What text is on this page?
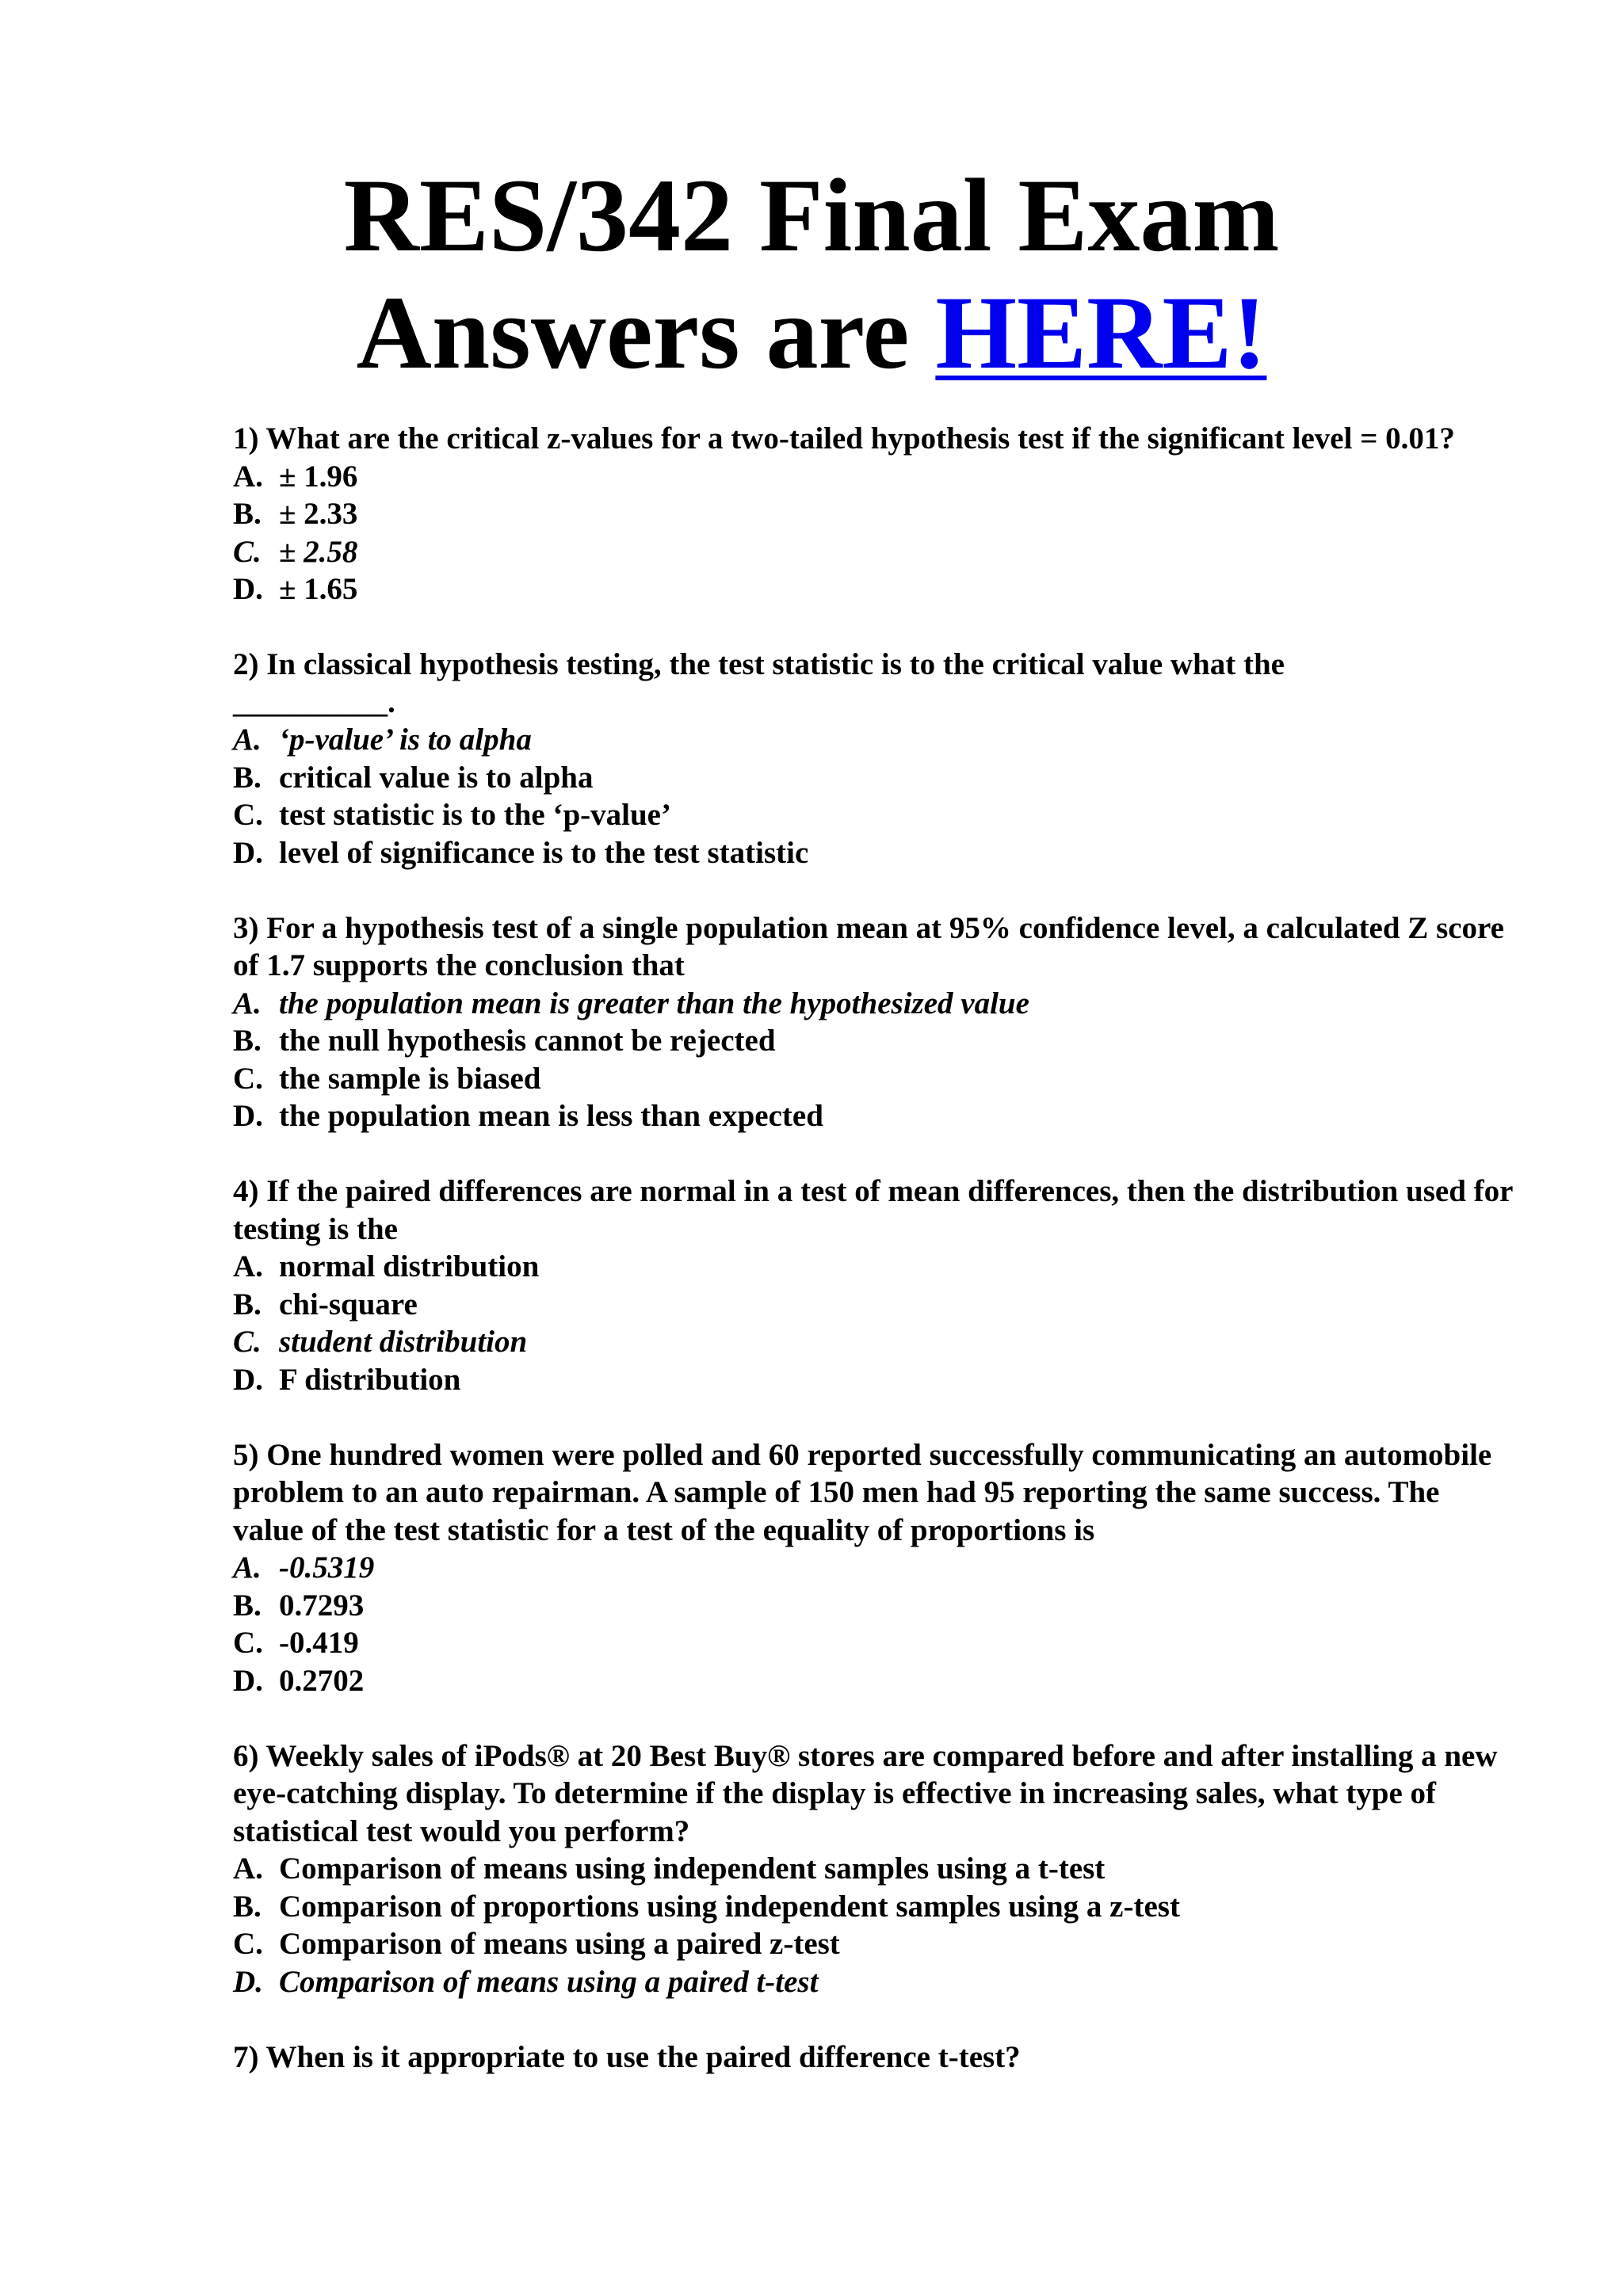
RES/342 Final Exam
Answers are HERE!
1) What are the critical z-values for a two-tailed hypothesis test if the significant level = 0.01?
A. ± 1.96
B. ± 2.33
C. ± 2.58
D. ± 1.65
2) In classical hypothesis testing, the test statistic is to the critical value what the
__________.
A. ‘p-value’ is to alpha
B. critical value is to alpha
C. test statistic is to the ‘p-value’
D. level of significance is to the test statistic
3) For a hypothesis test of a single population mean at 95% confidence level, a calculated Z score of 1.7 supports the conclusion that
A. the population mean is greater than the hypothesized value
B. the null hypothesis cannot be rejected
C. the sample is biased
D. the population mean is less than expected
4) If the paired differences are normal in a test of mean differences, then the distribution used for testing is the
A. normal distribution
B. chi-square
C. student distribution
D. F distribution
5) One hundred women were polled and 60 reported successfully communicating an automobile problem to an auto repairman. A sample of 150 men had 95 reporting the same success. The value of the test statistic for a test of the equality of proportions is
A. -0.5319
B. 0.7293
C. -0.419
D. 0.2702
6) Weekly sales of iPods® at 20 Best Buy® stores are compared before and after installing a new eye-catching display. To determine if the display is effective in increasing sales, what type of statistical test would you perform?
A. Comparison of means using independent samples using a t-test
B. Comparison of proportions using independent samples using a z-test
C. Comparison of means using a paired z-test
D. Comparison of means using a paired t-test
7) When is it appropriate to use the paired difference t-test?
